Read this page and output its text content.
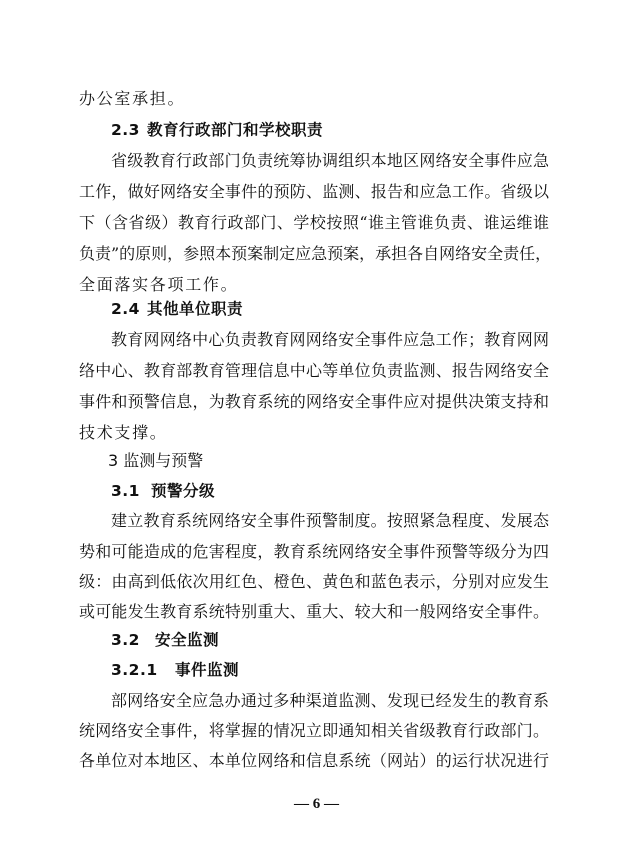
办公室承担。
2.3 教育行政部门和学校职责
省级教育行政部门负责统筹协调组织本地区网络安全事件应急
工作，做好网络安全事件的预防、监测、报告和应急工作。省级以
下（含省级）教育行政部门、学校按照“谁主管谁负责、谁运维谁
负责”的原则，参照本预案制定应急预案，承担各自网络安全责任，
全面落实各项工作。
2.4 其他单位职责
教育网网络中心负责教育网网络安全事件应急工作；教育网网
络中心、教育部教育管理信息中心等单位负责监测、报告网络安全
事件和预警信息，为教育系统的网络安全事件应对提供决策支持和
技术支撑。
3 监测与预警
3.1 预警分级
建立教育系统网络安全事件预警制度。按照紧急程度、发展态
势和可能造成的危害程度，教育系统网络安全事件预警等级分为四
级：由高到低依次用红色、橙色、黄色和蓝色表示，分别对应发生
或可能发生教育系统特别重大、重大、较大和一般网络安全事件。
3.2 安全监测
3.2.1 事件监测
部网络安全应急办通过多种渠道监测、发现已经发生的教育系
统网络安全事件，将掌握的情况立即通知相关省级教育行政部门。
各单位对本地区、本单位网络和信息系统（网站）的运行状况进行
— 6 —
